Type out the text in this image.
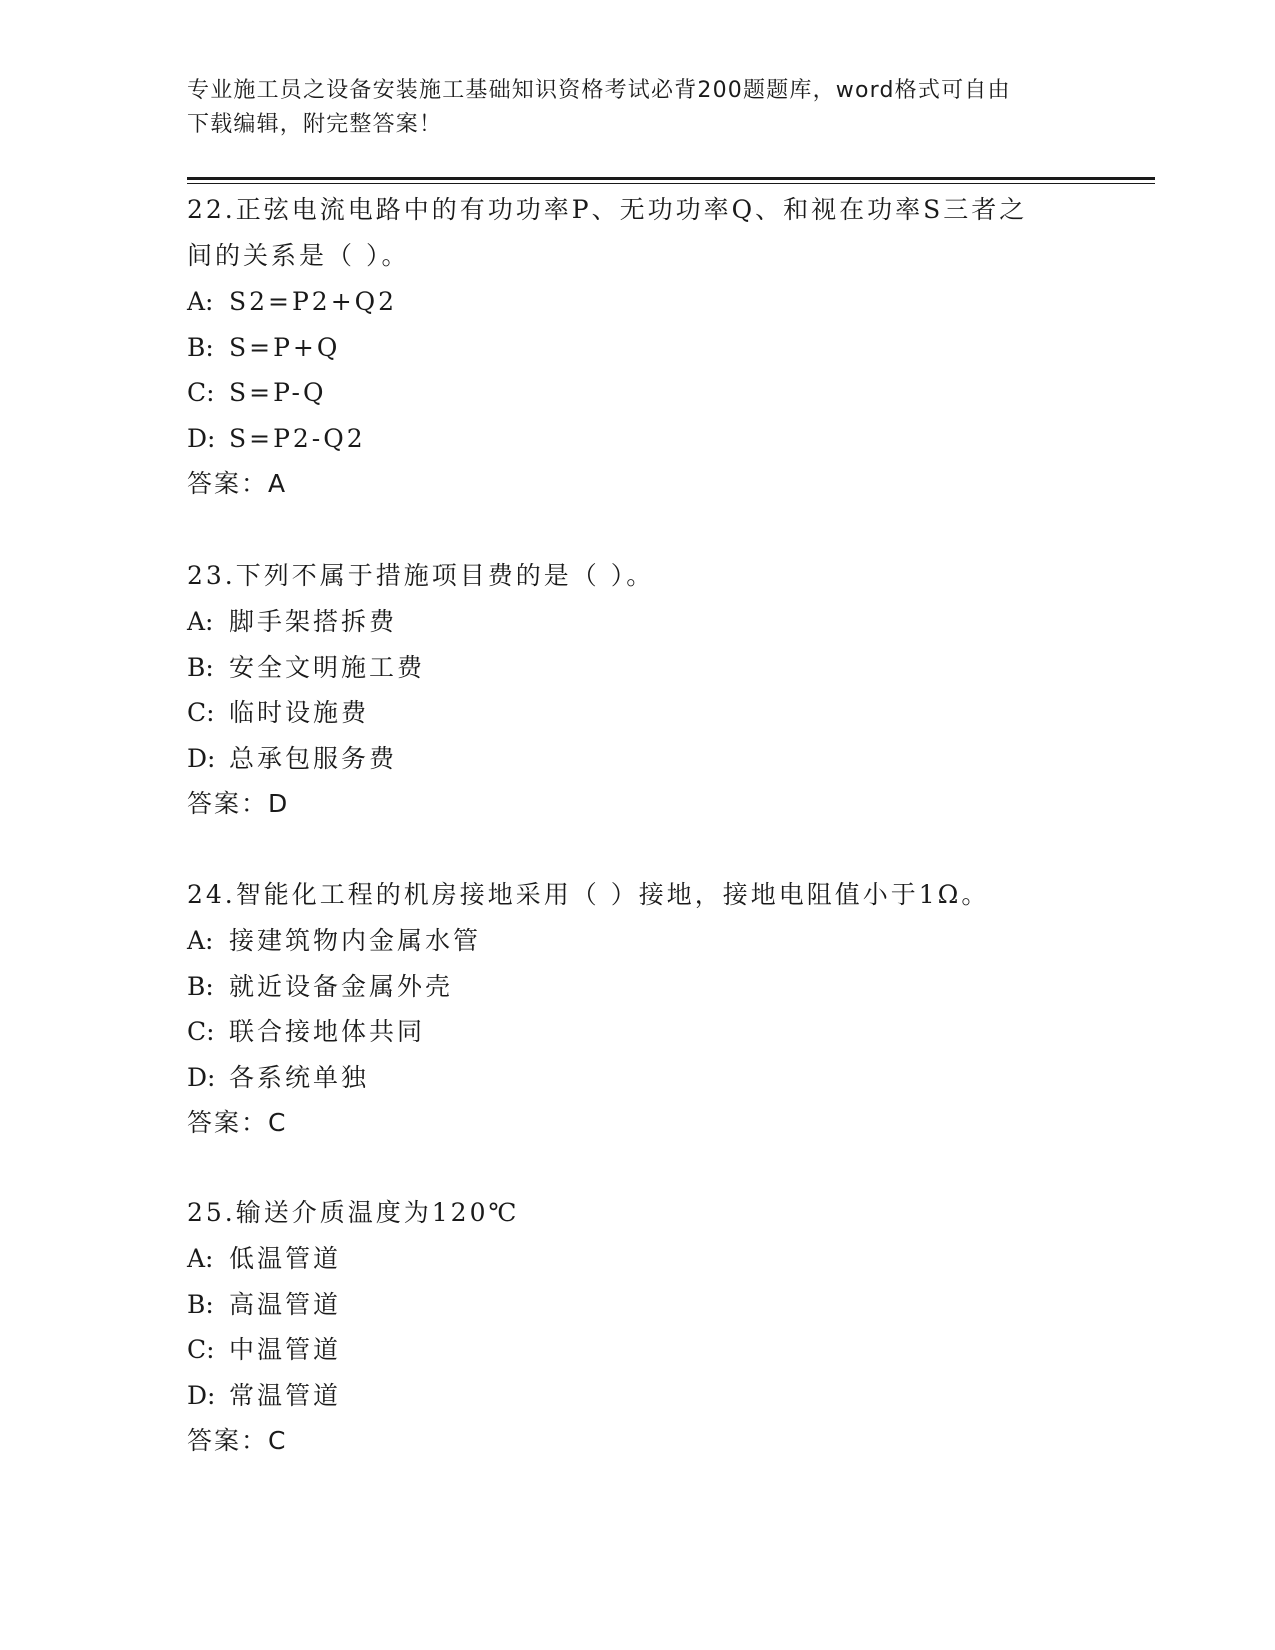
专业施工员之设备安装施工基础知识资格考试必背200题题库，word格式可自由
下载编辑，附完整答案！
22.正弦电流电路中的有功功率P、无功功率Q、和视在功率S三者之
间的关系是（ ）。
A: S2=P2+Q2
B: S=P+Q
C: S=P-Q
D: S=P2-Q2
答案：A
23.下列不属于措施项目费的是（ ）。
A: 脚手架搭拆费
B: 安全文明施工费
C: 临时设施费
D: 总承包服务费
答案：D
24.智能化工程的机房接地采用（ ）接地，接地电阻值小于1Ω。
A: 接建筑物内金属水管
B: 就近设备金属外壳
C: 联合接地体共同
D: 各系统单独
答案：C
25.输送介质温度为120℃
A: 低温管道
B: 高温管道
C: 中温管道
D: 常温管道
答案：C
